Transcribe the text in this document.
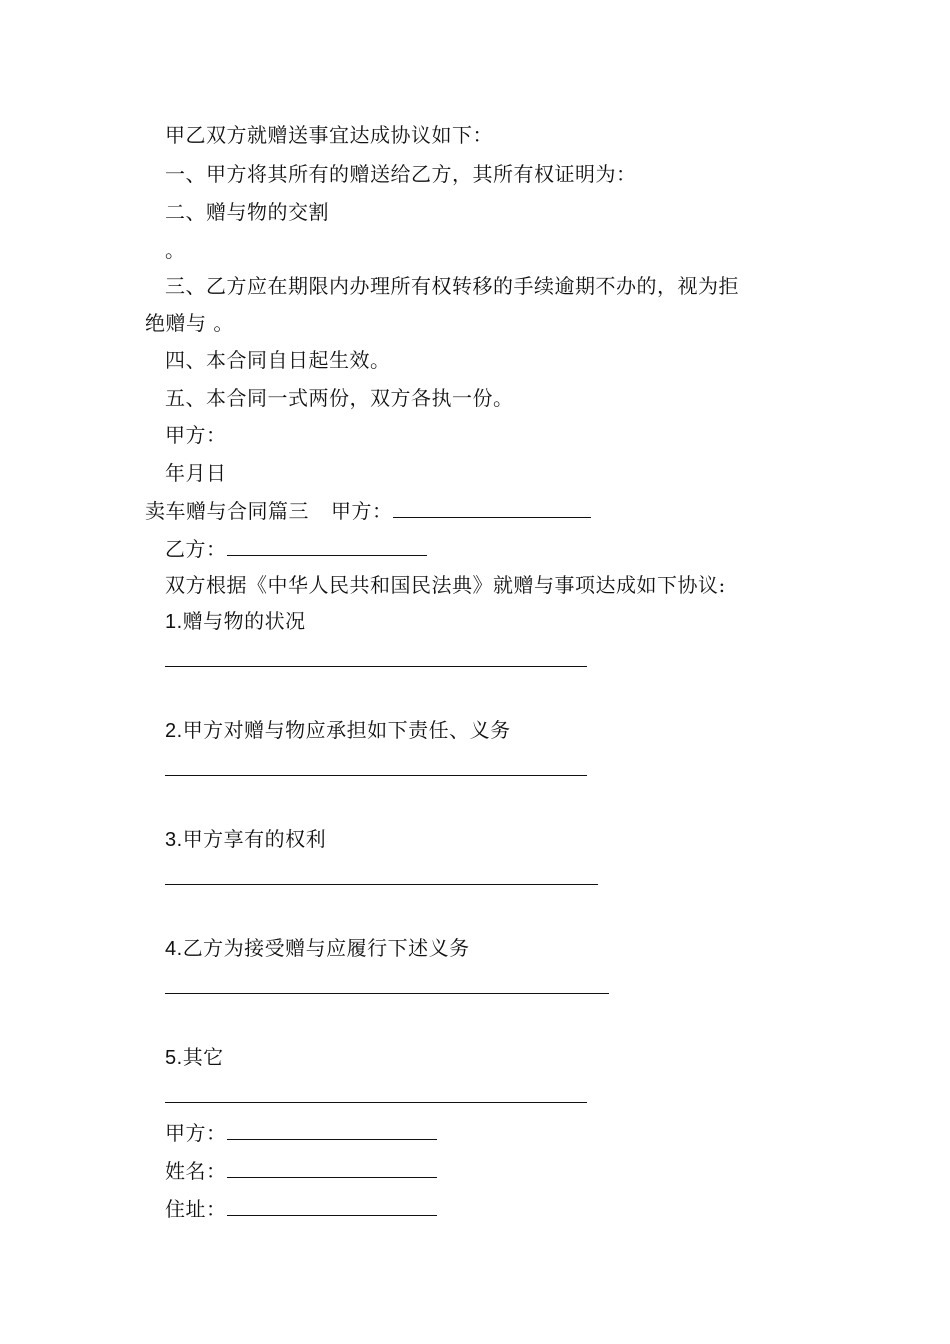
甲乙双方就赠送事宜达成协议如下：
一、甲方将其所有的赠送给乙方，其所有权证明为：
二、赠与物的交割
。
三、乙方应在期限内办理所有权转移的手续逾期不办的，视为拒
绝赠与 。
四、本合同自日起生效。
五、本合同一式两份，双方各执一份。
甲方：
年月日
卖车赠与合同篇三 甲方：
乙方：
双方根据《中华人民共和国民法典》就赠与事项达成如下协议:
1.赠与物的状况
2.甲方对赠与物应承担如下责任、义务
3.甲方享有的权利
4.乙方为接受赠与应履行下述义务
5.其它
甲方：
姓名：
住址：
